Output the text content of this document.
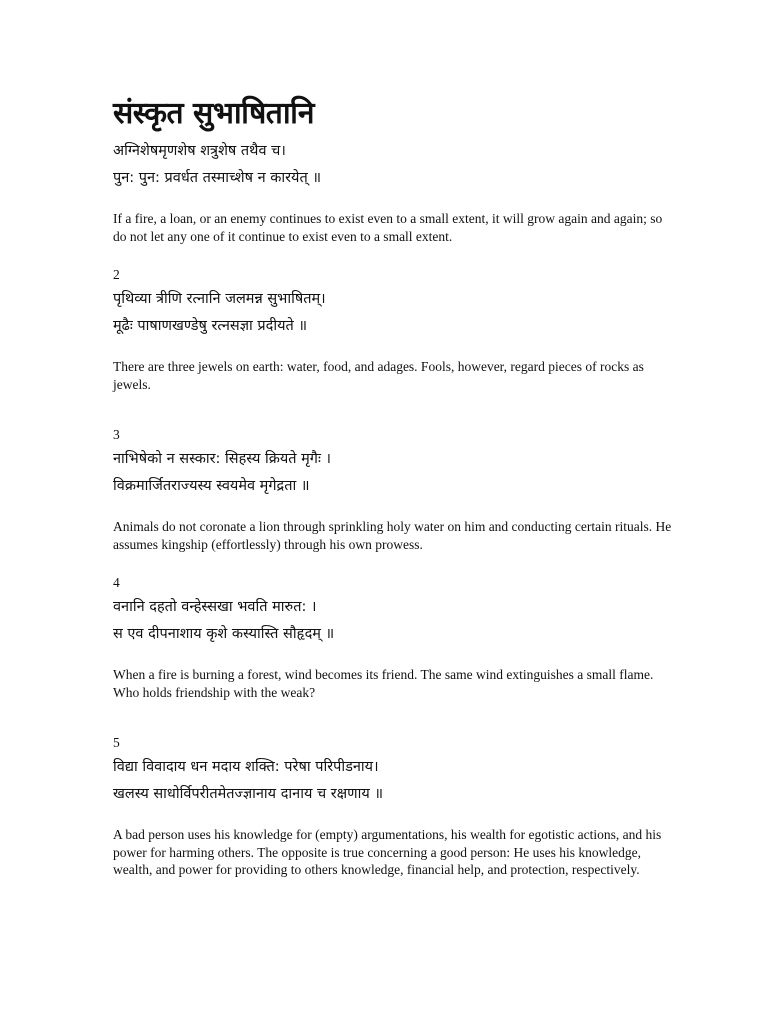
संस्कृत सुभाषितानि
अग्निशेषमृणशेष शत्रुशेष तथैव च।
पुन: पुन: प्रवर्धत तस्माच्शेष न कारयेत् ॥

If a fire, a loan, or an enemy continues to exist even to a small extent, it will grow again and again; so do not let any one of it continue to exist even to a small extent.

2
पृथिव्या त्रीणि रत्नानि जलमन्न सुभाषितम्।
मूढैः पाषाणखण्डेषु रत्नसज्ञा प्रदीयते ॥

There are three jewels on earth: water, food, and adages. Fools, however, regard pieces of rocks as jewels.

3
नाभिषेको न सस्कार: सिहस्य क्रियते मृगैः ।
विक्रमार्जितराज्यस्य स्वयमेव मृगेद्रता ॥

Animals do not coronate a lion through sprinkling holy water on him and conducting certain rituals. He assumes kingship (effortlessly) through his own prowess.

4
वनानि दहतो वन्हेस्सखा भवति मारुत: ।
स एव दीपनाशाय कृशे कस्यास्ति सौहृदम् ॥

When a fire is burning a forest, wind becomes its friend. The same wind extinguishes a small flame. Who holds friendship with the weak?

5
विद्या विवादाय धन मदाय शक्ति: परेषा परिपीडनाय।
खलस्य साधोर्विपरीतमेतज्ज्ञानाय दानाय च रक्षणाय ॥

A bad person uses his knowledge for (empty) argumentations, his wealth for egotistic actions, and his power for harming others. The opposite is true concerning a good person: He uses his knowledge, wealth, and power for providing to others knowledge, financial help, and protection, respectively.
